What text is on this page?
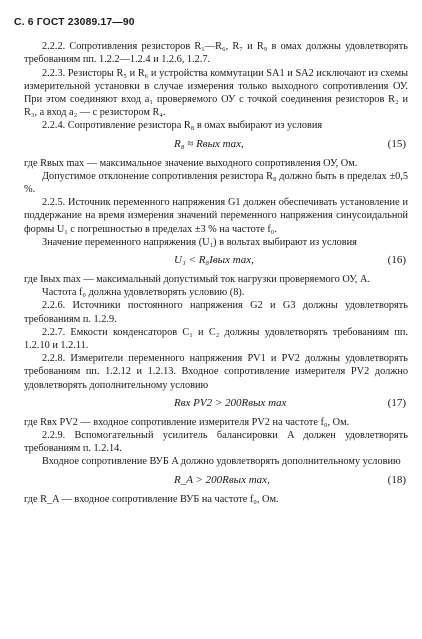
С. 6 ГОСТ 23089.17—90

2.2.2. Сопротивления резисторов R₁—R₆, R₇ и R₉ в омах должны удовлетворять требованиям пп. 1.2.2—1.2.4 и 1.2.6, 1.2.7.

2.2.3. Резисторы R₅ и R₆ и устройства коммутации SA1 и SA2 исключают из схемы измерительной установки в случае измерения только выходного сопротивления ОУ. При этом соединяют вход a₁ проверяемого ОУ с точкой соединения резисторов R₂ и R₃, а вход a₂ — с резистором R₄.

2.2.4. Сопротивление резистора R₈ в омах выбирают из условия

R₈ ≈ Rвых max,	(15)

где Rвых max — максимальное значение выходного сопротивления ОУ, Ом.

Допустимое отклонение сопротивления резистора R₈ должно быть в пределах ±0,5 %.

2.2.5. Источник переменного напряжения G1 должен обеспечивать установление и поддержание на время измерения значений переменного напряжения синусоидальной формы U₁ с погрешностью в пределах ±3 % на частоте f₀.

Значение переменного напряжения (U₁) в вольтах выбирают из условия

U₁ < R₈Iвых max,	(16)

где Iвых max — максимальный допустимый ток нагрузки проверяемого ОУ, А.

Частота f₀ должна удовлетворять условию (8).

2.2.6. Источники постоянного напряжения G2 и G3 должны удовлетворять требованиям п. 1.2.9.

2.2.7. Емкости конденсаторов C₁ и C₂ должны удовлетворять требованиям пп. 1.2.10 и 1.2.11.

2.2.8. Измерители переменного напряжения PV1 и PV2 должны удовлетворять требованиям пп. 1.2.12 и 1.2.13. Входное сопротивление измерителя PV2 должно удовлетворять дополнительному условию

Rвх PV2 > 200Rвых max	(17)

где Rвх PV2 — входное сопротивление измерителя PV2 на частоте f₀, Ом.

2.2.9. Вспомогательный усилитель балансировки A должен удовлетворять требованиям п. 1.2.14.

Входное сопротивление ВУБ A должно удовлетворять дополнительному условию

R_A > 200Rвых max,	(18)

где R_A — входное сопротивление ВУБ на частоте f₀, Ом.
